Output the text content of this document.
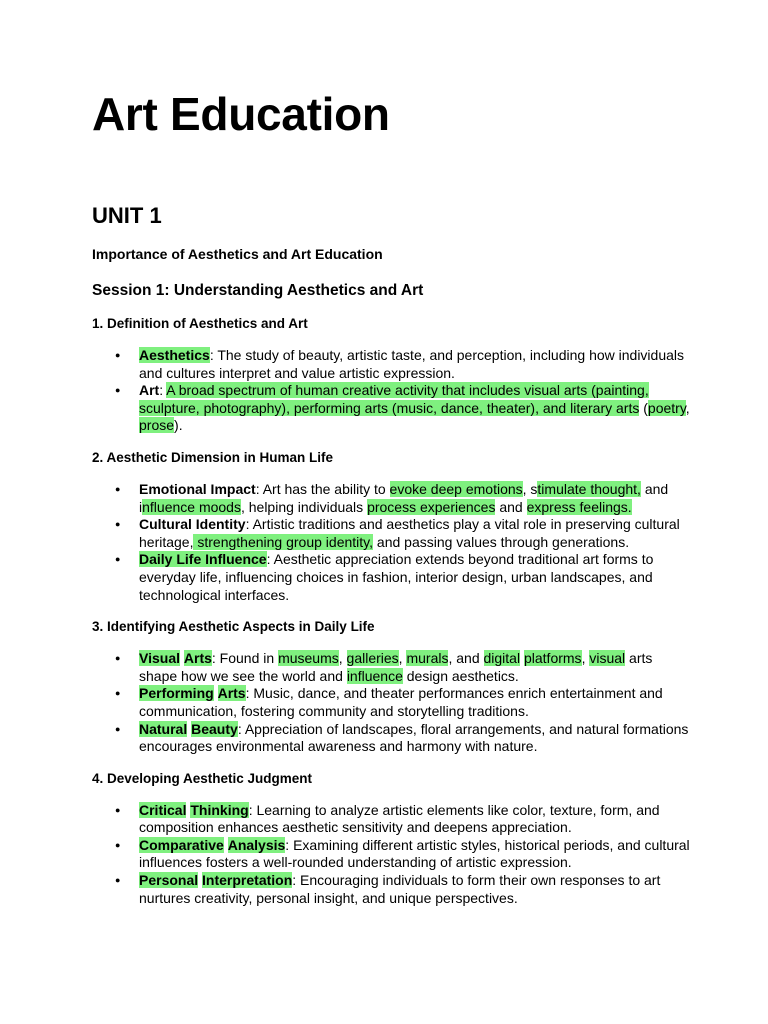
Art Education
UNIT 1

Importance of Aesthetics and Art Education

Session 1: Understanding Aesthetics and Art

1. Definition of Aesthetics and Art

● Aesthetics: The study of beauty, artistic taste, and perception, including how individuals and cultures interpret and value artistic expression.
● Art: A broad spectrum of human creative activity that includes visual arts (painting, sculpture, photography), performing arts (music, dance, theater), and literary arts (poetry, prose).

2. Aesthetic Dimension in Human Life

● Emotional Impact: Art has the ability to evoke deep emotions, stimulate thought, and influence moods, helping individuals process experiences and express feelings.
● Cultural Identity: Artistic traditions and aesthetics play a vital role in preserving cultural heritage, strengthening group identity, and passing values through generations.
● Daily Life Influence: Aesthetic appreciation extends beyond traditional art forms to everyday life, influencing choices in fashion, interior design, urban landscapes, and technological interfaces.

3. Identifying Aesthetic Aspects in Daily Life

● Visual Arts: Found in museums, galleries, murals, and digital platforms, visual arts shape how we see the world and influence design aesthetics.
● Performing Arts: Music, dance, and theater performances enrich entertainment and communication, fostering community and storytelling traditions.
● Natural Beauty: Appreciation of landscapes, floral arrangements, and natural formations encourages environmental awareness and harmony with nature.

4. Developing Aesthetic Judgment

● Critical Thinking: Learning to analyze artistic elements like color, texture, form, and composition enhances aesthetic sensitivity and deepens appreciation.
● Comparative Analysis: Examining different artistic styles, historical periods, and cultural influences fosters a well-rounded understanding of artistic expression.
● Personal Interpretation: Encouraging individuals to form their own responses to art nurtures creativity, personal insight, and unique perspectives.
